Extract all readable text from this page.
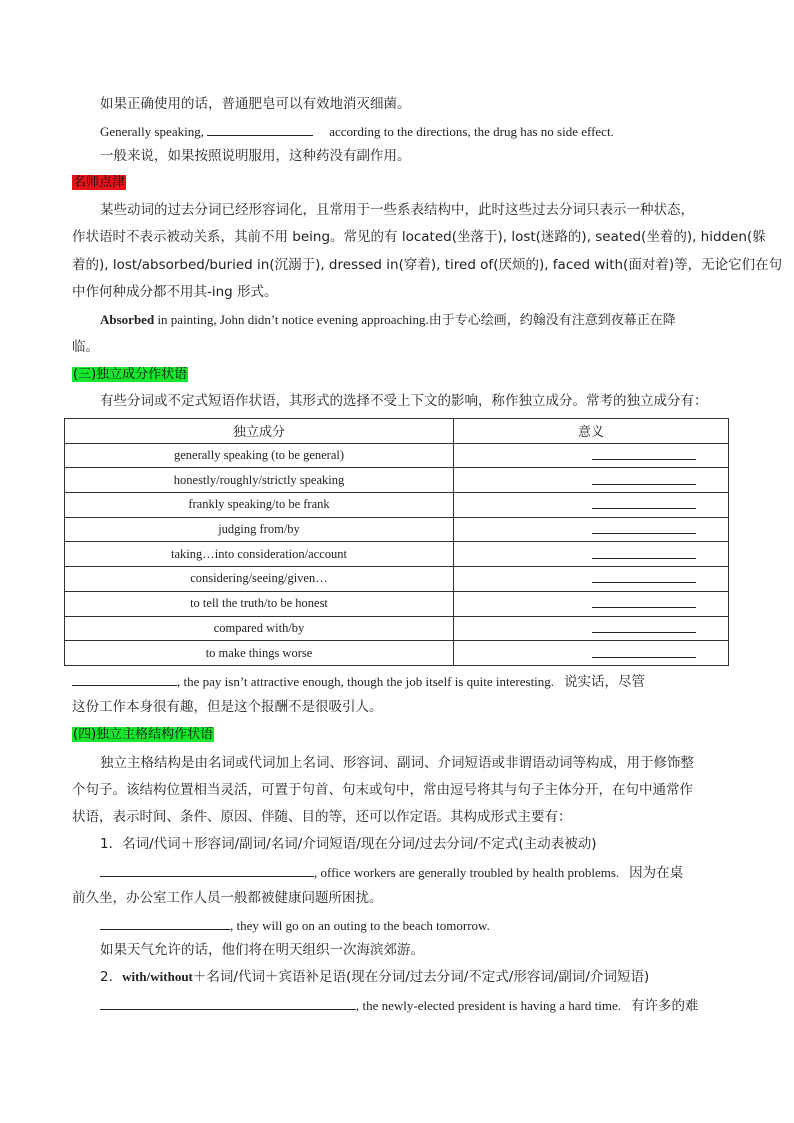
如果正确使用的话，普通肥皂可以有效地消灭细菌。
Generally speaking,	according to the directions, the drug has no side effect.
一般来说，如果按照说明服用，这种药没有副作用。
名师点津
某些动词的过去分词已经形容词化，且常用于一些系表结构中，此时这些过去分词只表示一种状态，
作状语时不表示被动关系，其前不用 being。常见的有 located(坐落于), lost(迷路的), seated(坐着的), hidden(躲
着的), lost/absorbed/buried in(沉溺于), dressed in(穿着), tired of(厌烦的), faced with(面对着)等，无论它们在句
中作何种成分都不用其-ing 形式。
Absorbed in painting, John didn’t notice evening approaching.由于专心绘画，约翰没有注意到夜幕正在降
临。
(三)独立成分作状语
有些分词或不定式短语作状语，其形式的选择不受上下文的影响，称作独立成分。常考的独立成分有：
独立成分	意义
generally speaking (to be general)	
honestly/roughly/strictly speaking	
frankly speaking/to be frank	
judging from/by	
taking…into consideration/account	
considering/seeing/given…	
to tell the truth/to be honest	
compared with/by	
to make things worse	
, the pay isn’t attractive enough, though the job itself is quite interesting. 说实话，尽管
这份工作本身很有趣，但是这个报酬不是很吸引人。
(四)独立主格结构作状语
独立主格结构是由名词或代词加上名词、形容词、副词、介词短语或非谓语动词等构成，用于修饰整
个句子。该结构位置相当灵活，可置于句首、句末或句中，常由逗号将其与句子主体分开，在句中通常作
状语，表示时间、条件、原因、伴随、目的等，还可以作定语。其构成形式主要有：
1．名词/代词＋形容词/副词/名词/介词短语/现在分词/过去分词/不定式(主动表被动)
, office workers are generally troubled by health problems. 因为在桌
前久坐，办公室工作人员一般都被健康问题所困扰。
, they will go on an outing to the beach tomorrow.
如果天气允许的话，他们将在明天组织一次海滨郊游。
2．with/without＋名词/代词＋宾语补足语(现在分词/过去分词/不定式/形容词/副词/介词短语)
, the newly-elected president is having a hard time. 有许多的难
